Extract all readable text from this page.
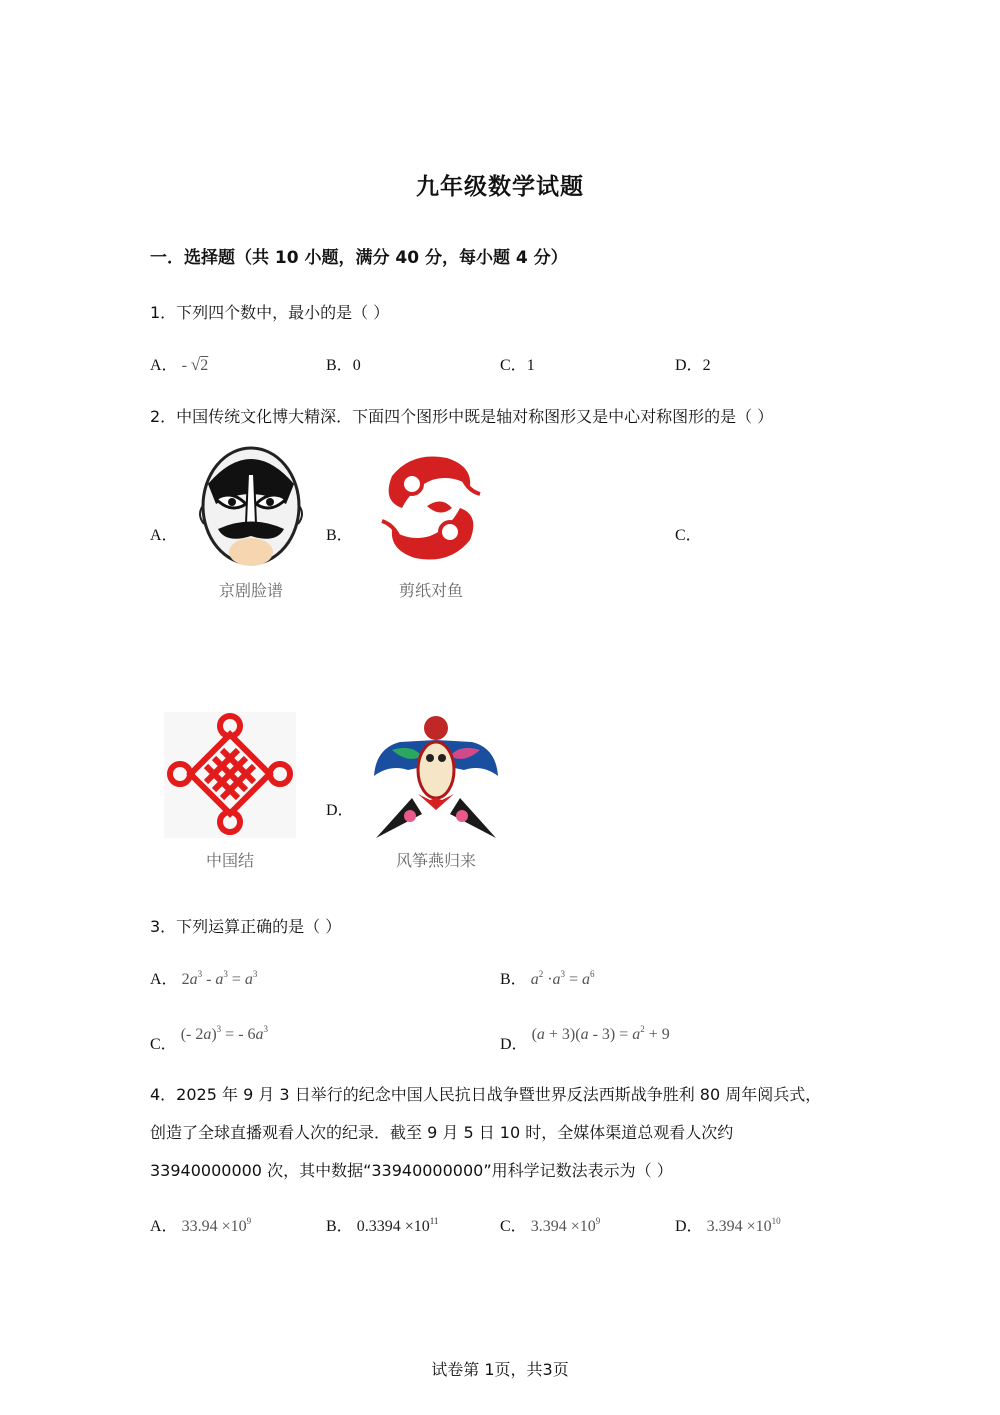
九年级数学试题
一．选择题（共 10 小题，满分 40 分，每小题 4 分）
1．下列四个数中，最小的是（ ）
A． - √2	B．0	C．1	D．2
2．中国传统文化博大精深．下面四个图形中既是轴对称图形又是中心对称图形的是（ ）
A．
京剧脸谱
B．
剪纸对鱼
C．
中国结
D．
风筝燕归来
3．下列运算正确的是（ ）
A． $2a^3 - a^3 = a^3$	B． $a^2 \cdot a^3 = a^6$
C． (- 2a)$^3$ = - $6a^3$
D． $(a + 3)(a - 3) = a^2 + 9$
4．2025 年 9 月 3 日举行的纪念中国人民抗日战争暨世界反法西斯战争胜利 80 周年阅兵式，
创造了全球直播观看人次的纪录．截至 9 月 5 日 10 时，全媒体渠道总观看人次约
33940000000 次，其中数据“33940000000”用科学记数法表示为（ ）
A． $33.94 \times 10^9$	B． $0.3394 \times 10^{11}$	C． $3.394 \times 10^9$	D． $3.394 \times 10^{10}$
试卷第 1页，共3页
